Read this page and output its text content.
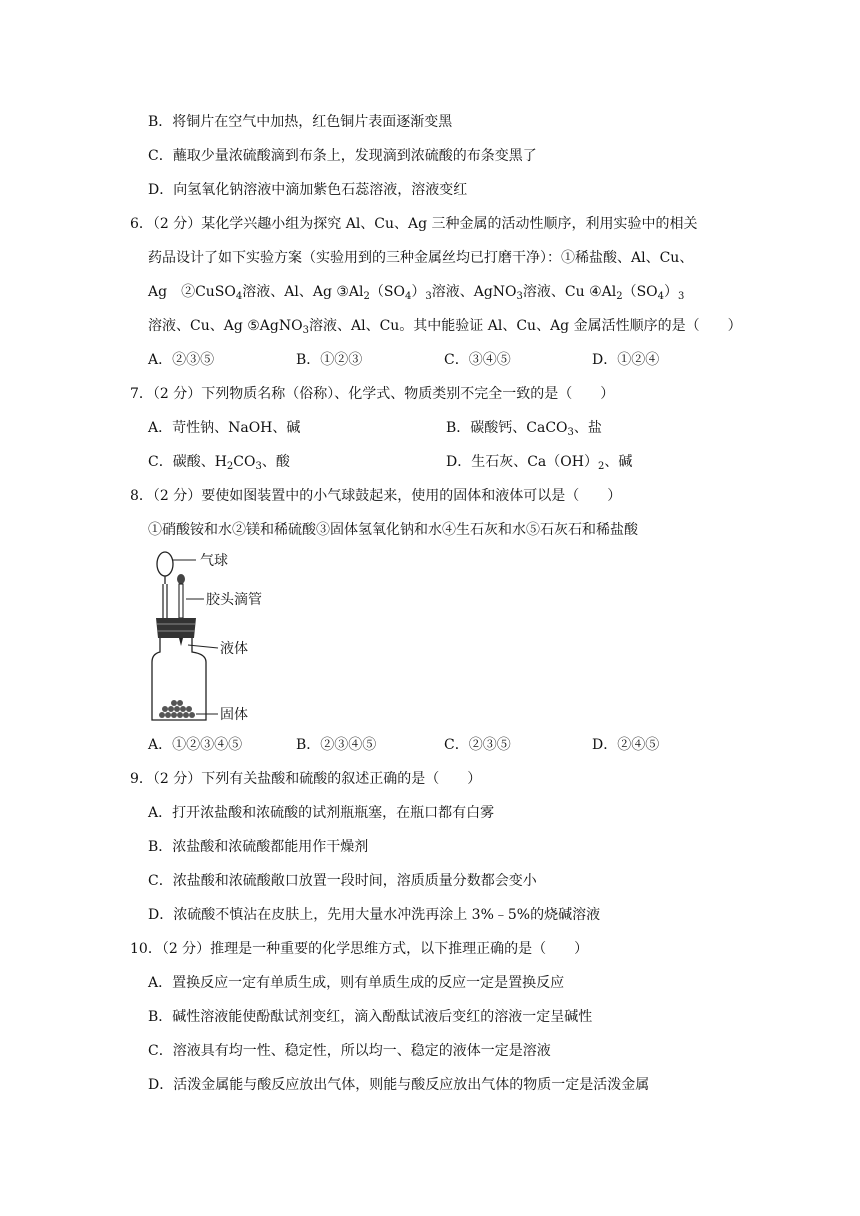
B．将铜片在空气中加热，红色铜片表面逐渐变黑
C．蘸取少量浓硫酸滴到布条上，发现滴到浓硫酸的布条变黑了
D．向氢氧化钠溶液中滴加紫色石蕊溶液，溶液变红
6．（2 分）某化学兴趣小组为探究 Al、Cu、Ag 三种金属的活动性顺序，利用实验中的相关
药品设计了如下实验方案（实验用到的三种金属丝均已打磨干净）：①稀盐酸、Al、Cu、
Ag　②CuSO$_4$溶液、Al、Ag $③Al_2(SO_4)_3$溶液、AgNO$_3$溶液、Cu $④Al_2(SO_4)_3$
溶液、Cu、Ag ⑤AgNO$_3$溶液、Al、Cu。其中能验证 Al、Cu、Ag 金属活性顺序的是（　　）
A．②③⑤	B．①②③	C．③④⑤	D．①②④
7．（2 分）下列物质名称（俗称）、化学式、物质类别不完全一致的是（　　）
A．苛性钠、NaOH、碱	B．碳酸钙、CaCO$_3$、盐
C．碳酸、$H_2CO_3$、酸	D．生石灰、$Ca(OH)_2$、碱
8．（2 分）要使如图装置中的小气球鼓起来，使用的固体和液体可以是（　　）
①硝酸铵和水②镁和稀硫酸③固体氢氧化钠和水④生石灰和水⑤石灰石和稀盐酸
气球
胶头滴管
液体
固体
A．①②③④⑤	B．②③④⑤	C．②③⑤	D．②④⑤
9．（2 分）下列有关盐酸和硫酸的叙述正确的是（　　）
A．打开浓盐酸和浓硫酸的试剂瓶瓶塞，在瓶口都有白雾
B．浓盐酸和浓硫酸都能用作干燥剂
C．浓盐酸和浓硫酸敞口放置一段时间，溶质质量分数都会变小
D．浓硫酸不慎沾在皮肤上，先用大量水冲洗再涂上 3%﹣5%的烧碱溶液
10．（2 分）推理是一种重要的化学思维方式，以下推理正确的是（　　）
A．置换反应一定有单质生成，则有单质生成的反应一定是置换反应
B．碱性溶液能使酚酞试剂变红，滴入酚酞试液后变红的溶液一定呈碱性
C．溶液具有均一性、稳定性，所以均一、稳定的液体一定是溶液
D．活泼金属能与酸反应放出气体，则能与酸反应放出气体的物质一定是活泼金属
